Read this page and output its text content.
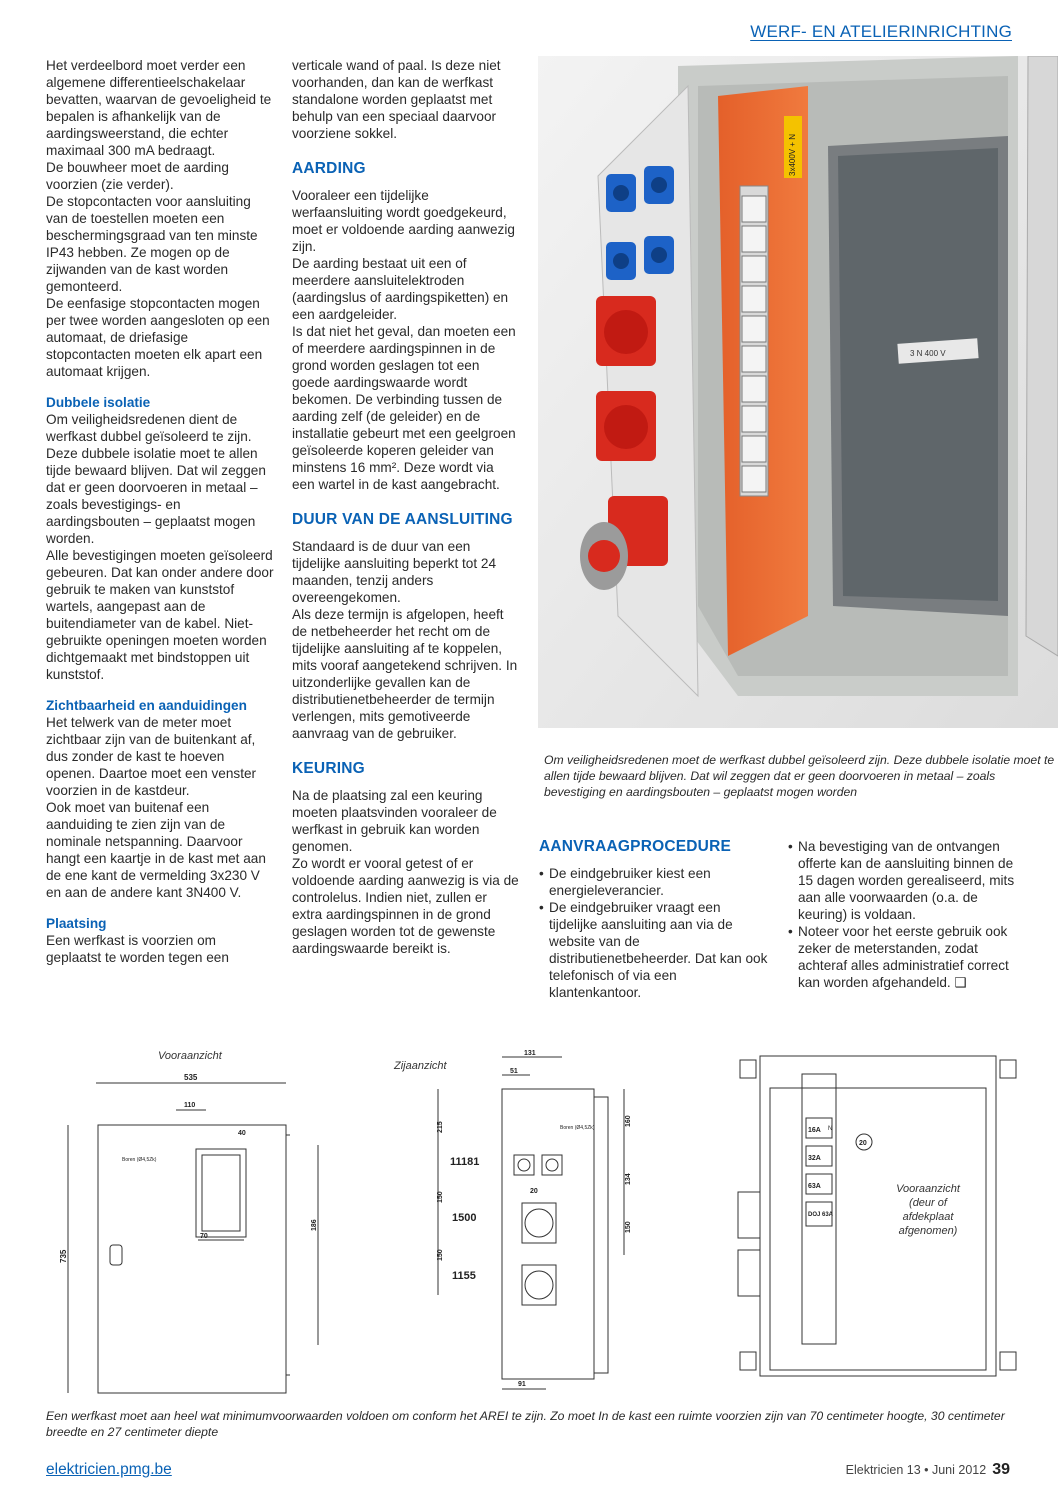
WERF- EN ATELIERINRICHTING

Het verdeelbord moet verder een algemene differentieelschakelaar bevatten, waarvan de gevoeligheid te bepalen is afhankelijk van de aardingsweerstand, die echter maximaal 300 mA bedraagt.

De bouwheer moet de aarding voorzien (zie verder).

De stopcontacten voor aansluiting van de toestellen moeten een beschermingsgraad van ten minste IP43 hebben. Ze mogen op de zijwanden van de kast worden gemonteerd.

De eenfasige stopcontacten mogen per twee worden aangesloten op een automaat, de driefasige stopcontacten moeten elk apart een automaat krijgen.

Dubbele isolatie

Om veiligheidsredenen dient de werfkast dubbel geïsoleerd te zijn. Deze dubbele isolatie moet te allen tijde bewaard blijven. Dat wil zeggen dat er geen doorvoeren in metaal – zoals bevestigings- en aardingsbouten – geplaatst mogen worden.

Alle bevestigingen moeten geïsoleerd gebeuren. Dat kan onder andere door gebruik te maken van kunststof wartels, aangepast aan de buitendiameter van de kabel. Niet-gebruikte openingen moeten worden dichtgemaakt met bindstoppen uit kunststof.

Zichtbaarheid en aanduidingen

Het telwerk van de meter moet zichtbaar zijn van de buitenkant af, dus zonder de kast te hoeven openen. Daartoe moet een venster voorzien in de kastdeur.

Ook moet van buitenaf een aanduiding te zien zijn van de nominale netspanning. Daarvoor hangt een kaartje in de kast met aan de ene kant de vermelding 3x230 V en aan de andere kant 3N400 V.

Plaatsing

Een werfkast is voorzien om geplaatst te worden tegen een

verticale wand of paal. Is deze niet voorhanden, dan kan de werfkast standalone worden geplaatst met behulp van een speciaal daarvoor voorziene sokkel.

AARDING

Vooraleer een tijdelijke werfaansluiting wordt goedgekeurd, moet er voldoende aarding aanwezig zijn.

De aarding bestaat uit een of meerdere aansluitelektroden (aardingslus of aardingspiketten) en een aardgeleider.

Is dat niet het geval, dan moeten een of meerdere aardingspinnen in de grond worden geslagen tot een goede aardingswaarde wordt bekomen. De verbinding tussen de aarding zelf (de geleider) en de installatie gebeurt met een geelgroen geïsoleerde koperen geleider van minstens 16 mm². Deze wordt via een wartel in de kast aangebracht.

DUUR VAN DE AANSLUITING

Standaard is de duur van een tijdelijke aansluiting beperkt tot 24 maanden, tenzij anders overeengekomen.

Als deze termijn is afgelopen, heeft de netbeheerder het recht om de tijdelijke aansluiting af te koppelen, mits vooraf aangetekend schrijven. In uitzonderlijke gevallen kan de distributienetbeheerder de termijn verlengen, mits gemotiveerde aanvraag van de gebruiker.

KEURING

Na de plaatsing zal een keuring moeten plaatsvinden vooraleer de werfkast in gebruik kan worden genomen.

Zo wordt er vooral getest of er voldoende aarding aanwezig is via de controlelus. Indien niet, zullen er extra aardingspinnen in de grond geslagen worden tot de gewenste aardingswaarde bereikt is.

3x400V + N
3 N 400 V
Om veiligheidsredenen moet de werfkast dubbel geïsoleerd zijn. Deze dubbele isolatie moet te allen tijde bewaard blijven. Dat wil zeggen dat er geen doorvoeren in metaal – zoals bevestiging en aardingsbouten – geplaatst mogen worden
AANVRAAGPROCEDURE
• De eindgebruiker kiest een energieleverancier.
• De eindgebruiker vraagt een tijdelijke aansluiting aan via de website van de distributienetbeheerder. Dat kan ook telefonisch of via een klantenkantoor.
• Na bevestiging van de ontvangen offerte kan de aansluiting binnen de 15 dagen worden gerealiseerd, mits aan alle voorwaarden (o.a. de keuring) is voldaan.
• Noteer voor het eerste gebruik ook zeker de meterstanden, zodat achteraf alles administratief correct kan worden afgehandeld. ❑
Vooraanzicht
535
110
40
Boren (Ø4,5Zk)
70
735
186
Zijaanzicht
131
51
Boren (Ø4,5Zk)
20
11181
1500
1155
215
150
150
160
134
150
91
16A
32A
63A
DOJ 63A
N
20
Vooraanzicht (deur of afdekplaat afgenomen)
Een werfkast moet aan heel wat minimumvoorwaarden voldoen om conform het AREI te zijn. Zo moet In de kast een ruimte voorzien zijn van 70 centimeter hoogte, 30 centimeter breedte en 27 centimeter diepte
elektricien.pmg.be	Elektricien 13 • Juni 2012 39
